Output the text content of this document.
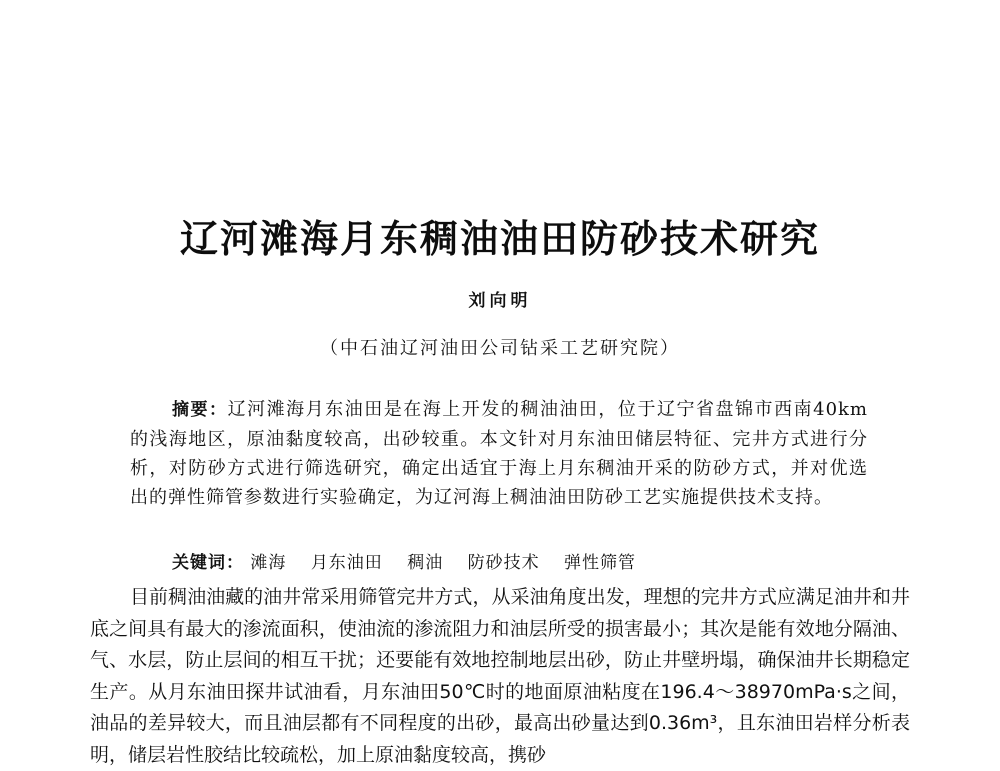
辽河滩海月东稠油油田防砂技术研究
刘向明
（中石油辽河油田公司钻采工艺研究院）
摘要：辽河滩海月东油田是在海上开发的稠油油田，位于辽宁省盘锦市西南40km的浅海地区，原油黏度较高，出砂较重。本文针对月东油田储层特征、完井方式进行分析，对防砂方式进行筛选研究，确定出适宜于海上月东稠油开采的防砂方式，并对优选出的弹性筛管参数进行实验确定，为辽河海上稠油油田防砂工艺实施提供技术支持。
关键词： 滩海 月东油田 稠油 防砂技术 弹性筛管
目前稠油油藏的油井常采用筛管完井方式，从采油角度出发，理想的完井方式应满足油井和井底之间具有最大的渗流面积，使油流的渗流阻力和油层所受的损害最小；其次是能有效地分隔油、气、水层，防止层间的相互干扰；还要能有效地控制地层出砂，防止井壁坍塌，确保油井长期稳定生产。从月东油田探井试油看，月东油田50℃时的地面原油粘度在196.4～38970mPa·s之间，油品的差异较大，而且油层都有不同程度的出砂，最高出砂量达到0.36m³，且东油田岩样分析表明，储层岩性胶结比较疏松，加上原油黏度较高，携砂
